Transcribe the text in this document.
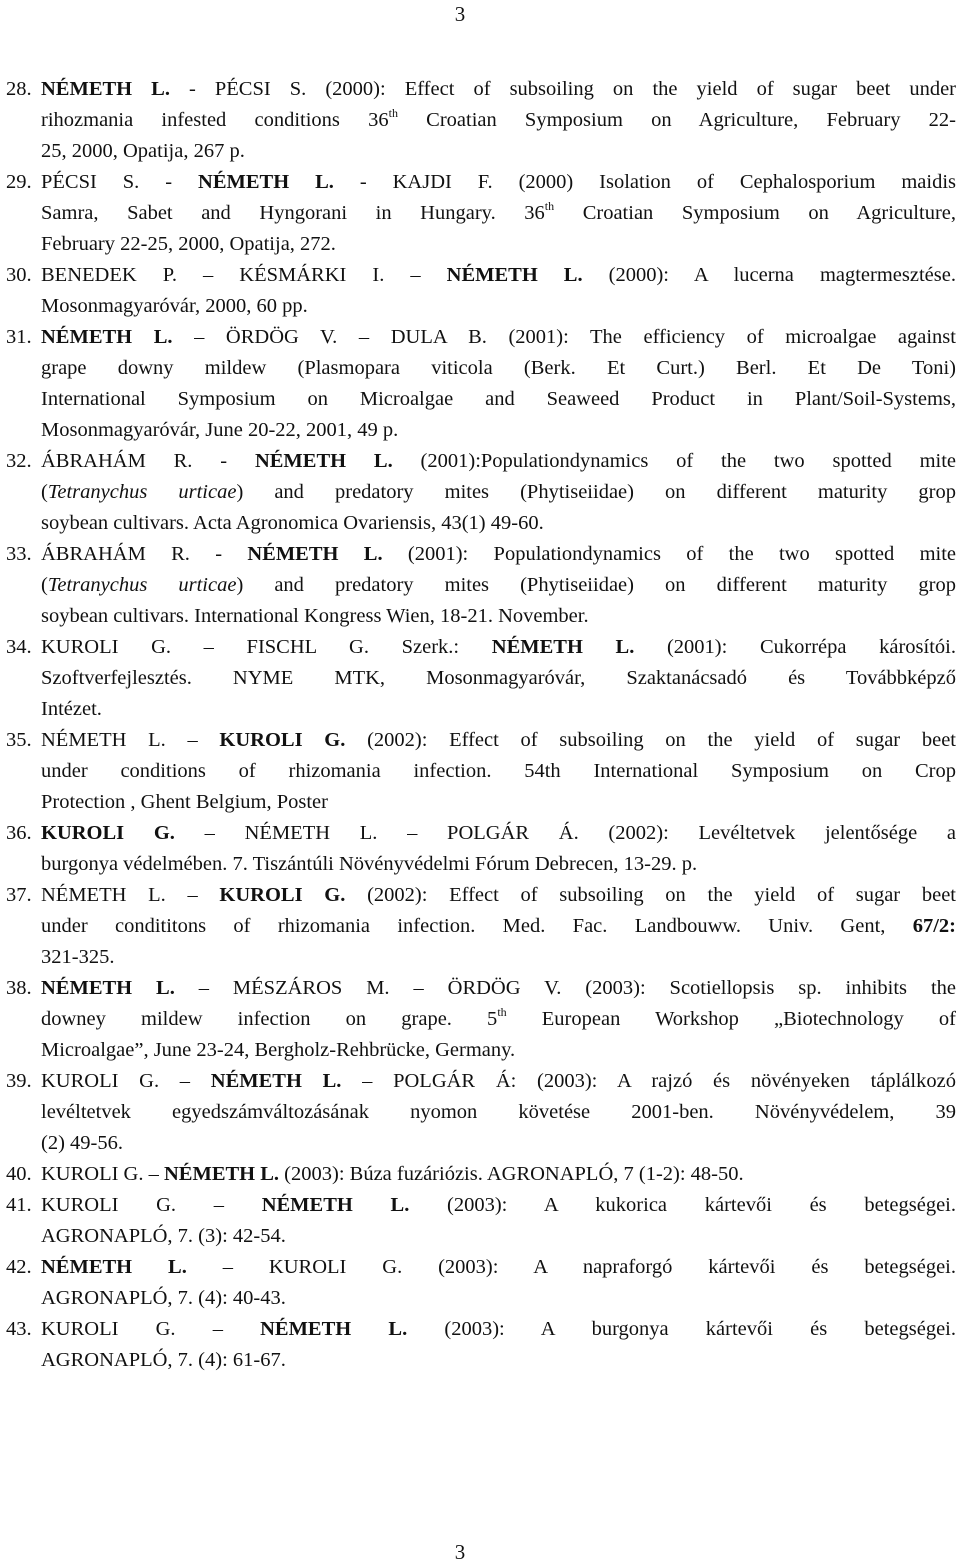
3
28. NÉMETH L. - PÉCSI S. (2000): Effect of subsoiling on the yield of sugar beet under
rihozmania infested conditions 36th Croatian Symposium on Agriculture, February 22-
25, 2000, Opatija, 267 p.
29. PÉCSI S. - NÉMETH L. - KAJDI F. (2000) Isolation of Cephalosporium maidis
Samra, Sabet and Hyngorani in Hungary. 36th Croatian Symposium on Agriculture,
February 22-25, 2000, Opatija, 272.
30. BENEDEK P. – KÉSMÁRKI I. – NÉMETH L. (2000): A lucerna magtermesztése.
Mosonmagyaróvár, 2000, 60 pp.
31. NÉMETH L. – ÖRDÖG V. – DULA B. (2001): The efficiency of microalgae against
grape downy mildew (Plasmopara viticola (Berk. Et Curt.) Berl. Et De Toni)
International Symposium on Microalgae and Seaweed Product in Plant/Soil-Systems,
Mosonmagyaróvár, June 20-22, 2001, 49 p.
32. ÁBRAHÁM R. - NÉMETH L. (2001):Populationdynamics of the two spotted mite
(Tetranychus urticae) and predatory mites (Phytiseiidae) on different maturity grop
soybean cultivars. Acta Agronomica Ovariensis, 43(1) 49-60.
33. ÁBRAHÁM R. - NÉMETH L. (2001): Populationdynamics of the two spotted mite
(Tetranychus urticae) and predatory mites (Phytiseiidae) on different maturity grop
soybean cultivars. International Kongress Wien, 18-21. November.
34. KUROLI G. – FISCHL G. Szerk.: NÉMETH L. (2001): Cukorrépa károsítói.
Szoftverfejlesztés. NYME MTK, Mosonmagyaróvár, Szaktanácsadó és Továbbképző
Intézet.
35. NÉMETH L. – KUROLI G. (2002): Effect of subsoiling on the yield of sugar beet
under conditions of rhizomania infection. 54th International Symposium on Crop
Protection , Ghent Belgium, Poster
36. KUROLI G. – NÉMETH L. – POLGÁR Á. (2002): Levéltetvek jelentősége a
burgonya védelmében. 7. Tiszántúli Növényvédelmi Fórum Debrecen, 13-29. p.
37. NÉMETH L. – KUROLI G. (2002): Effect of subsoiling on the yield of sugar beet
under condititons of rhizomania infection. Med. Fac. Landbouww. Univ. Gent, 67/2:
321-325.
38. NÉMETH L. – MÉSZÁROS M. – ÖRDÖG V. (2003): Scotiellopsis sp. inhibits the
downey mildew infection on grape. 5th European Workshop „Biotechnology of
Microalgae”, June 23-24, Bergholz-Rehbrücke, Germany.
39. KUROLI G. – NÉMETH L. – POLGÁR Á: (2003): A rajzó és növényeken táplálkozó
levéltetvek egyedszámváltozásának nyomon követése 2001-ben. Növényvédelem, 39
(2) 49-56.
40. KUROLI G. – NÉMETH L. (2003): Búza fuzáriózis. AGRONAPLÓ, 7 (1-2): 48-50.
41. KUROLI G. – NÉMETH L. (2003): A kukorica kártevői és betegségei.
AGRONAPLÓ, 7. (3): 42-54.
42. NÉMETH L. – KUROLI G. (2003): A napraforgó kártevői és betegségei.
AGRONAPLÓ, 7. (4): 40-43.
43. KUROLI G. – NÉMETH L. (2003): A burgonya kártevői és betegségei.
AGRONAPLÓ, 7. (4): 61-67.
3
